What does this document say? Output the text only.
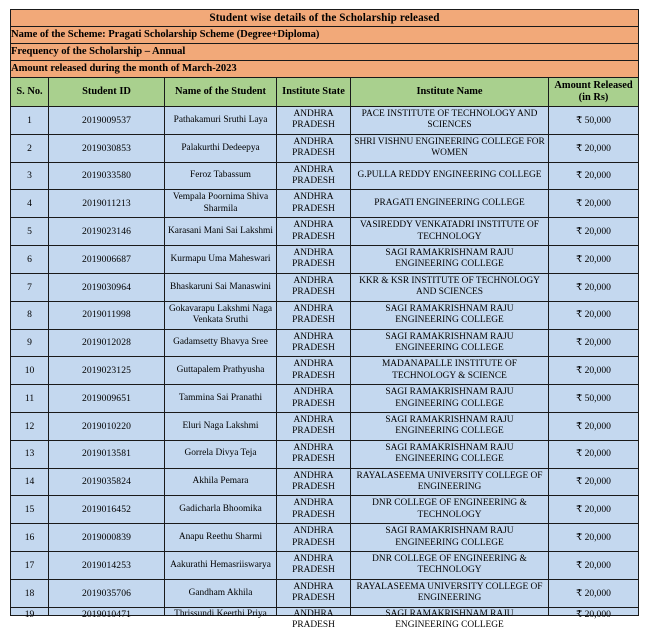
Student wise details of the Scholarship released					
Name of the Scheme: Pragati Scholarship Scheme (Degree+Diploma)					
Frequency of the Scholarship – Annual					
Amount released during the month of March-2023					
S. No.	Student ID	Name of the Student	Institute State	Institute Name	Amount Released
(in Rs)
1	2019009537	Pathakamuri Sruthi Laya	ANDHRA PRADESH	PACE INSTITUTE OF TECHNOLOGY AND SCIENCES	₹ 50,000
2	2019030853	Palakurthi Dedeepya	ANDHRA PRADESH	SHRI VISHNU ENGINEERING COLLEGE FOR WOMEN	₹ 20,000
3	2019033580	Feroz Tabassum	ANDHRA PRADESH	G.PULLA REDDY ENGINEERING COLLEGE	₹ 20,000
4	2019011213	Vempala Poornima Shiva Sharmila	ANDHRA PRADESH	PRAGATI ENGINEERING COLLEGE	₹ 20,000
5	2019023146	Karasani Mani Sai Lakshmi	ANDHRA PRADESH	VASIREDDY VENKATADRI INSTITUTE OF TECHNOLOGY	₹ 20,000
6	2019006687	Kurmapu Uma Maheswari	ANDHRA PRADESH	SAGI RAMAKRISHNAM RAJU ENGINEERING COLLEGE	₹ 20,000
7	2019030964	Bhaskaruni Sai Manaswini	ANDHRA PRADESH	KKR & KSR INSTITUTE OF TECHNOLOGY AND SCIENCES	₹ 20,000
8	2019011998	Gokavarapu Lakshmi Naga Venkata Sruthi	ANDHRA PRADESH	SAGI RAMAKRISHNAM RAJU ENGINEERING COLLEGE	₹ 20,000
9	2019012028	Gadamsetty Bhavya Sree	ANDHRA PRADESH	SAGI RAMAKRISHNAM RAJU ENGINEERING COLLEGE	₹ 20,000
10	2019023125	Guttapalem Prathyusha	ANDHRA PRADESH	MADANAPALLE INSTITUTE OF TECHNOLOGY & SCIENCE	₹ 20,000
11	2019009651	Tammina Sai Pranathi	ANDHRA PRADESH	SAGI RAMAKRISHNAM RAJU ENGINEERING COLLEGE	₹ 50,000
12	2019010220	Eluri Naga Lakshmi	ANDHRA PRADESH	SAGI RAMAKRISHNAM RAJU ENGINEERING COLLEGE	₹ 20,000
13	2019013581	Gorrela Divya Teja	ANDHRA PRADESH	SAGI RAMAKRISHNAM RAJU ENGINEERING COLLEGE	₹ 20,000
14	2019035824	Akhila Pemara	ANDHRA PRADESH	RAYALASEEMA UNIVERSITY COLLEGE OF ENGINEERING	₹ 20,000
15	2019016452	Gadicharla Bhoomika	ANDHRA PRADESH	DNR COLLEGE OF ENGINEERING & TECHNOLOGY	₹ 20,000
16	2019000839	Anapu Reethu Sharmi	ANDHRA PRADESH	SAGI RAMAKRISHNAM RAJU ENGINEERING COLLEGE	₹ 20,000
17	2019014253	Aakurathi Hemasriiswarya	ANDHRA PRADESH	DNR COLLEGE OF ENGINEERING & TECHNOLOGY	₹ 20,000
18	2019035706	Gandham Akhila	ANDHRA PRADESH	RAYALASEEMA UNIVERSITY COLLEGE OF ENGINEERING	₹ 20,000

19	2019010471	Thrissundi Keerthi Priya	ANDHRA PRADESH	SAGI RAMAKRISHNAM RAJU ENGINEERING COLLEGE	₹ 20,000
